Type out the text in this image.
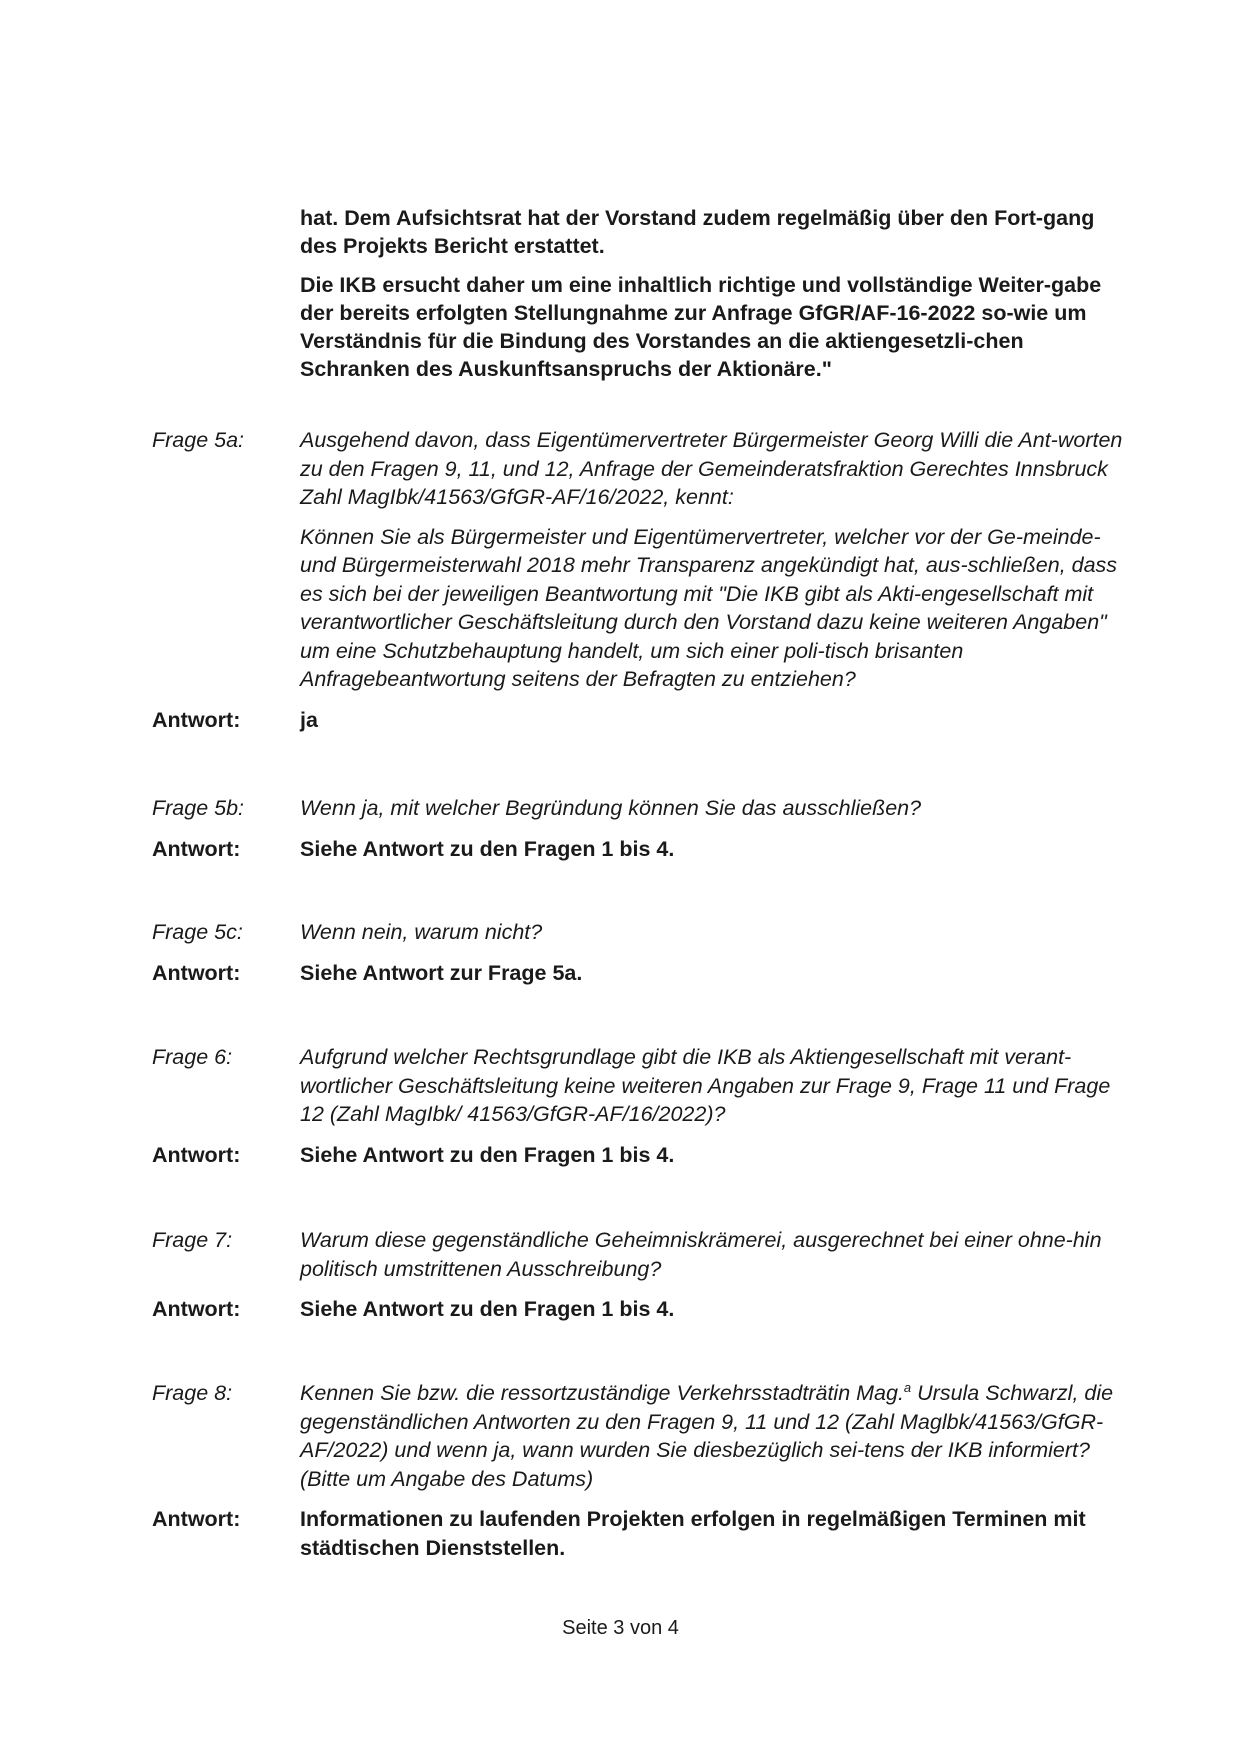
hat. Dem Aufsichtsrat hat der Vorstand zudem regelmäßig über den Fort-gang des Projekts Bericht erstattet.

Die IKB ersucht daher um eine inhaltlich richtige und vollständige Weiter-gabe der bereits erfolgten Stellungnahme zur Anfrage GfGR/AF-16-2022 so-wie um Verständnis für die Bindung des Vorstandes an die aktiengesetzli-chen Schranken des Auskunftsanspruchs der Aktionäre."

Frage 5a:	Ausgehend davon, dass Eigentümervertreter Bürgermeister Georg Willi die Ant-worten zu den Fragen 9, 11, und 12, Anfrage der Gemeinderatsfraktion Gerechtes Innsbruck Zahl MagIbk/41563/GfGR-AF/16/2022, kennt:

Können Sie als Bürgermeister und Eigentümervertreter, welcher vor der Ge-meinde- und Bürgermeisterwahl 2018 mehr Transparenz angekündigt hat, aus-schließen, dass es sich bei der jeweiligen Beantwortung mit "Die IKB gibt als Akti-engesellschaft mit verantwortlicher Geschäftsleitung durch den Vorstand dazu keine weiteren Angaben" um eine Schutzbehauptung handelt, um sich einer poli-tisch brisanten Anfragebeantwortung seitens der Befragten zu entziehen?

Antwort:	ja
Frage 5b:	Wenn ja, mit welcher Begründung können Sie das ausschließen?
Antwort:	Siehe Antwort zu den Fragen 1 bis 4.
Frage 5c:	Wenn nein, warum nicht?
Antwort:	Siehe Antwort zur Frage 5a.
Frage 6:	Aufgrund welcher Rechtsgrundlage gibt die IKB als Aktiengesellschaft mit verant-wortlicher Geschäftsleitung keine weiteren Angaben zur Frage 9, Frage 11 und Frage 12 (Zahl MagIbk/ 41563/GfGR-AF/16/2022)?
Antwort:	Siehe Antwort zu den Fragen 1 bis 4.
Frage 7:	Warum diese gegenständliche Geheimniskrämerei, ausgerechnet bei einer ohne-hin politisch umstrittenen Ausschreibung?
Antwort:	Siehe Antwort zu den Fragen 1 bis 4.
Frage 8:	Kennen Sie bzw. die ressortzuständige Verkehrsstadträtin Mag.$^a$ Ursula Schwarzl, die gegenständlichen Antworten zu den Fragen 9, 11 und 12 (Zahl Maglbk/41563/GfGR-AF/2022) und wenn ja, wann wurden Sie diesbezüglich sei-tens der IKB informiert? (Bitte um Angabe des Datums)
Antwort:	Informationen zu laufenden Projekten erfolgen in regelmäßigen Terminen mit städtischen Dienststellen.
Seite 3 von 4
